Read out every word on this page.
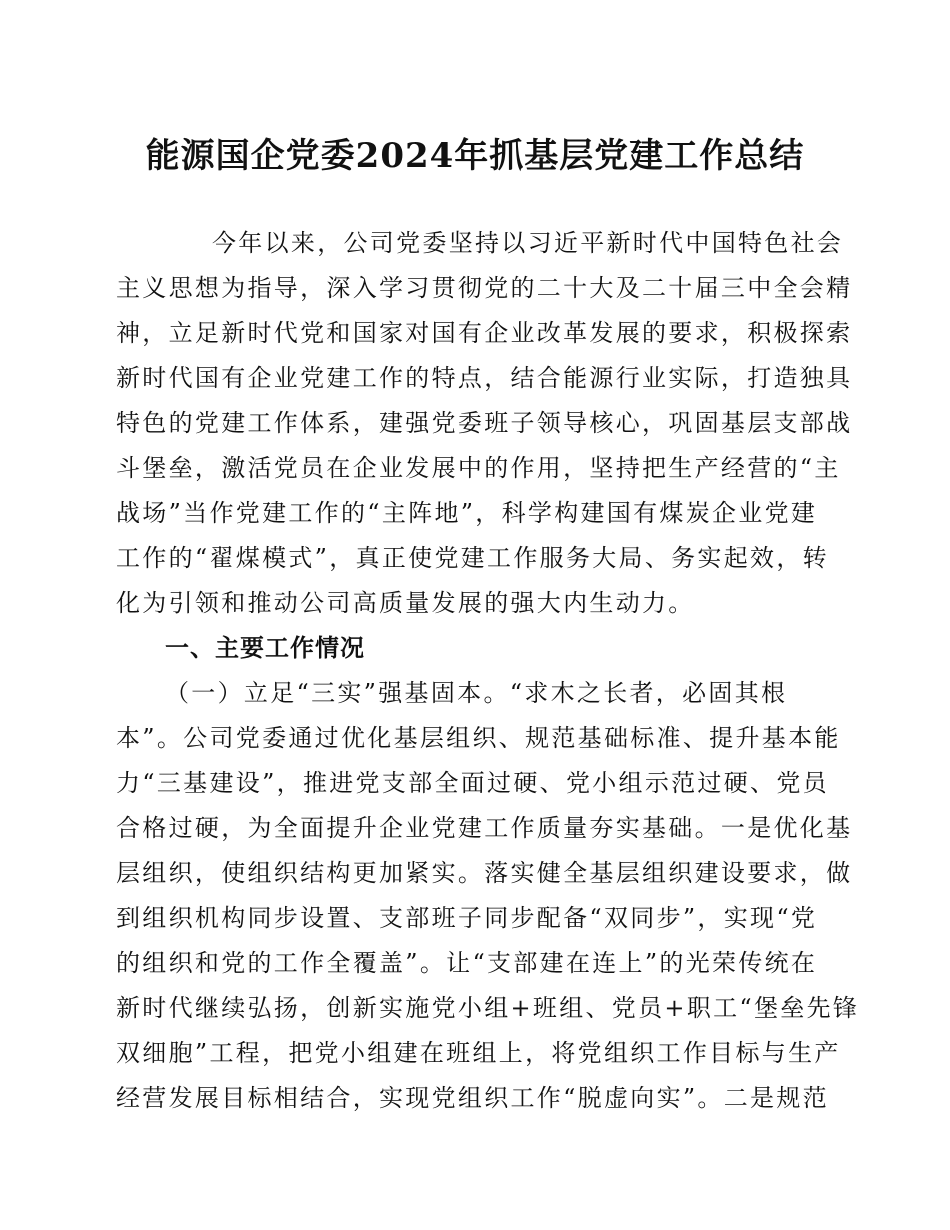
能源国企党委2024年抓基层党建工作总结
今年以来，公司党委坚持以习近平新时代中国特色社会
主义思想为指导，深入学习贯彻党的二十大及二十届三中全会精
神，立足新时代党和国家对国有企业改革发展的要求，积极探索
新时代国有企业党建工作的特点，结合能源行业实际，打造独具
特色的党建工作体系，建强党委班子领导核心，巩固基层支部战
斗堡垒，激活党员在企业发展中的作用，坚持把生产经营的“主
战场”当作党建工作的“主阵地”，科学构建国有煤炭企业党建
工作的“翟煤模式”，真正使党建工作服务大局、务实起效，转
化为引领和推动公司高质量发展的强大内生动力。
一、主要工作情况
（一）立足“三实”强基固本。“求木之长者，必固其根
本”。公司党委通过优化基层组织、规范基础标准、提升基本能
力“三基建设”，推进党支部全面过硬、党小组示范过硬、党员
合格过硬，为全面提升企业党建工作质量夯实基础。一是优化基
层组织，使组织结构更加紧实。落实健全基层组织建设要求，做
到组织机构同步设置、支部班子同步配备“双同步”，实现“党
的组织和党的工作全覆盖”。让“支部建在连上”的光荣传统在
新时代继续弘扬，创新实施党小组+班组、党员+职工“堡垒先锋
双细胞”工程，把党小组建在班组上，将党组织工作目标与生产
经营发展目标相结合，实现党组织工作“脱虚向实”。二是规范
